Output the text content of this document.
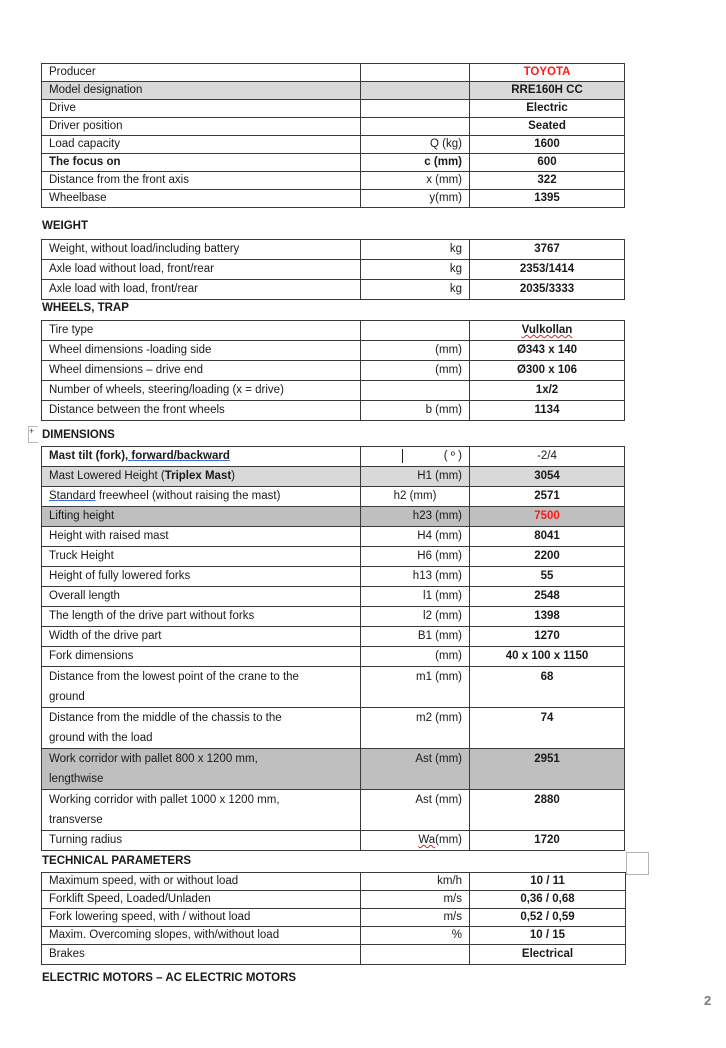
Producer		TOYOTA
Model designation		RRE160H CC
Drive		Electric
Driver position		Seated
Load capacity	Q (kg)	1600
The focus on	c (mm)	600
Distance from the front axis	x (mm)	322
Wheelbase	y(mm)	1395
WEIGHT
Weight, without load/including battery	kg	3767
Axle load without load, front/rear	kg	2353/1414
Axle load with load, front/rear	kg	2035/3333
WHEELS, TRAP
Tire type		Vulkollan
Wheel dimensions -loading side	(mm)	Ø343 x 140
Wheel dimensions – drive end	(mm)	Ø300 x 106
Number of wheels, steering/loading (x = drive)		1x/2
Distance between the front wheels	b (mm)	1134
+ DIMENSIONS
Mast tilt (fork), forward/backward	( º )	-2/4
Mast Lowered Height (Triplex Mast)	H1 (mm)	3054
Standard freewheel (without raising the mast)	h2 (mm)	2571
Lifting height	h23 (mm)	7500
Height with raised mast	H4 (mm)	8041
Truck Height	H6 (mm)	2200
Height of fully lowered forks	h13 (mm)	55
Overall length	l1 (mm)	2548
The length of the drive part without forks	l2 (mm)	1398
Width of the drive part	B1 (mm)	1270
Fork dimensions	(mm)	40 x 100 x 1150

Distance from the lowest point of the crane to the
ground	m1 (mm)	68

Distance from the middle of the chassis to the
ground with the load	m2 (mm)	74

Work corridor with pallet 800 x 1200 mm,
lengthwise	Ast (mm)	2951

Working corridor with pallet 1000 x 1200 mm,
transverse	Ast (mm)	2880
Turning radius	Wa(mm)	1720
TECHNICAL PARAMETERS
Maximum speed, with or without load	km/h	10 / 11
Forklift Speed, Loaded/Unladen	m/s	0,36 / 0,68
Fork lowering speed, with / without load	m/s	0,52 / 0,59
Maxim. Overcoming slopes, with/without load	%	10 / 15
Brakes		Electrical
ELECTRIC MOTORS – AC ELECTRIC MOTORS
2
